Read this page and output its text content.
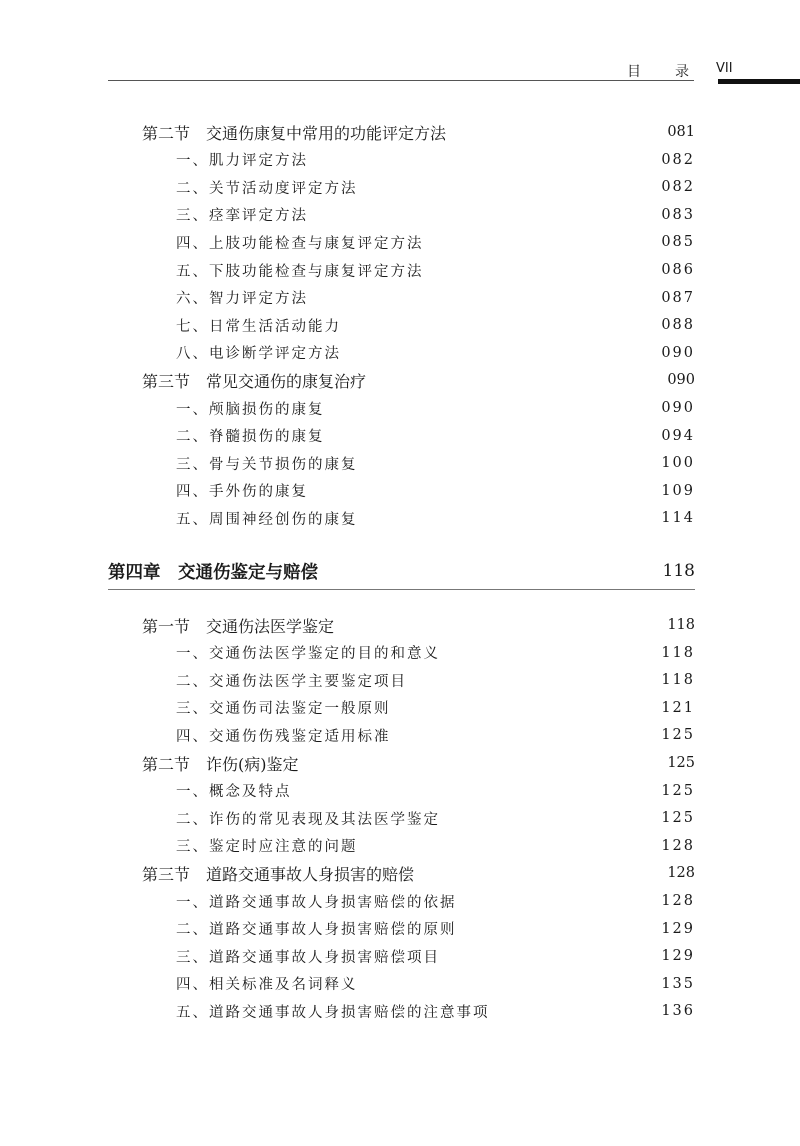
目 录 VII
第二节　交通伤康复中常用的功能评定方法	081
一、肌力评定方法	082
二、关节活动度评定方法	082
三、痉挛评定方法	083
四、上肢功能检查与康复评定方法	085
五、下肢功能检查与康复评定方法	086
六、智力评定方法	087
七、日常生活活动能力	088
八、电诊断学评定方法	090
第三节　常见交通伤的康复治疗	090
一、颅脑损伤的康复	090
二、脊髓损伤的康复	094
三、骨与关节损伤的康复	100
四、手外伤的康复	109
五、周围神经创伤的康复	114
第四章　交通伤鉴定与赔偿	118
第一节　交通伤法医学鉴定	118
一、交通伤法医学鉴定的目的和意义	118
二、交通伤法医学主要鉴定项目	118
三、交通伤司法鉴定一般原则	121
四、交通伤伤残鉴定适用标准	125
第二节　诈伤(病)鉴定	125
一、概念及特点	125
二、诈伤的常见表现及其法医学鉴定	125
三、鉴定时应注意的问题	128
第三节　道路交通事故人身损害的赔偿	128
一、道路交通事故人身损害赔偿的依据	128
二、道路交通事故人身损害赔偿的原则	129
三、道路交通事故人身损害赔偿项目	129
四、相关标准及名词释义	135
五、道路交通事故人身损害赔偿的注意事项	136
